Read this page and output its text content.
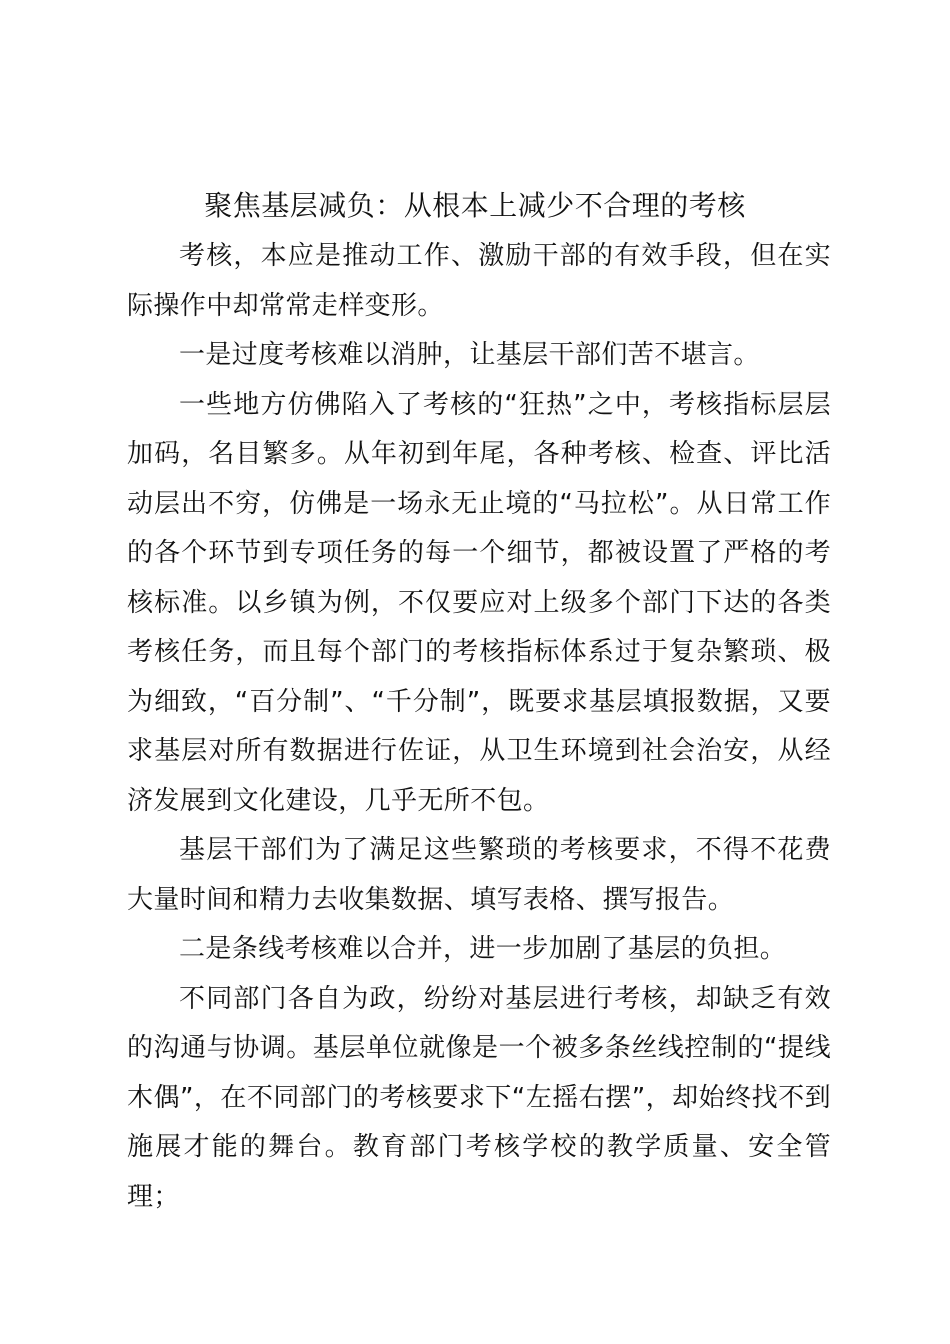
聚焦基层减负：从根本上减少不合理的考核

考核，本应是推动工作、激励干部的有效手段，但在实际操作中却常常走样变形。

一是过度考核难以消肿，让基层干部们苦不堪言。

一些地方仿佛陷入了考核的“狂热”之中，考核指标层层加码，名目繁多。从年初到年尾，各种考核、检查、评比活动层出不穷，仿佛是一场永无止境的“马拉松”。从日常工作的各个环节到专项任务的每一个细节，都被设置了严格的考核标准。以乡镇为例，不仅要应对上级多个部门下达的各类考核任务，而且每个部门的考核指标体系过于复杂繁琐、极为细致，“百分制”、“千分制”，既要求基层填报数据，又要求基层对所有数据进行佐证，从卫生环境到社会治安，从经济发展到文化建设，几乎无所不包。

基层干部们为了满足这些繁琐的考核要求，不得不花费大量时间和精力去收集数据、填写表格、撰写报告。

二是条线考核难以合并，进一步加剧了基层的负担。

不同部门各自为政，纷纷对基层进行考核，却缺乏有效的沟通与协调。基层单位就像是一个被多条丝线控制的“提线木偶”，在不同部门的考核要求下“左摇右摆”，却始终找不到施展才能的舞台。教育部门考核学校的教学质量、安全管理；
